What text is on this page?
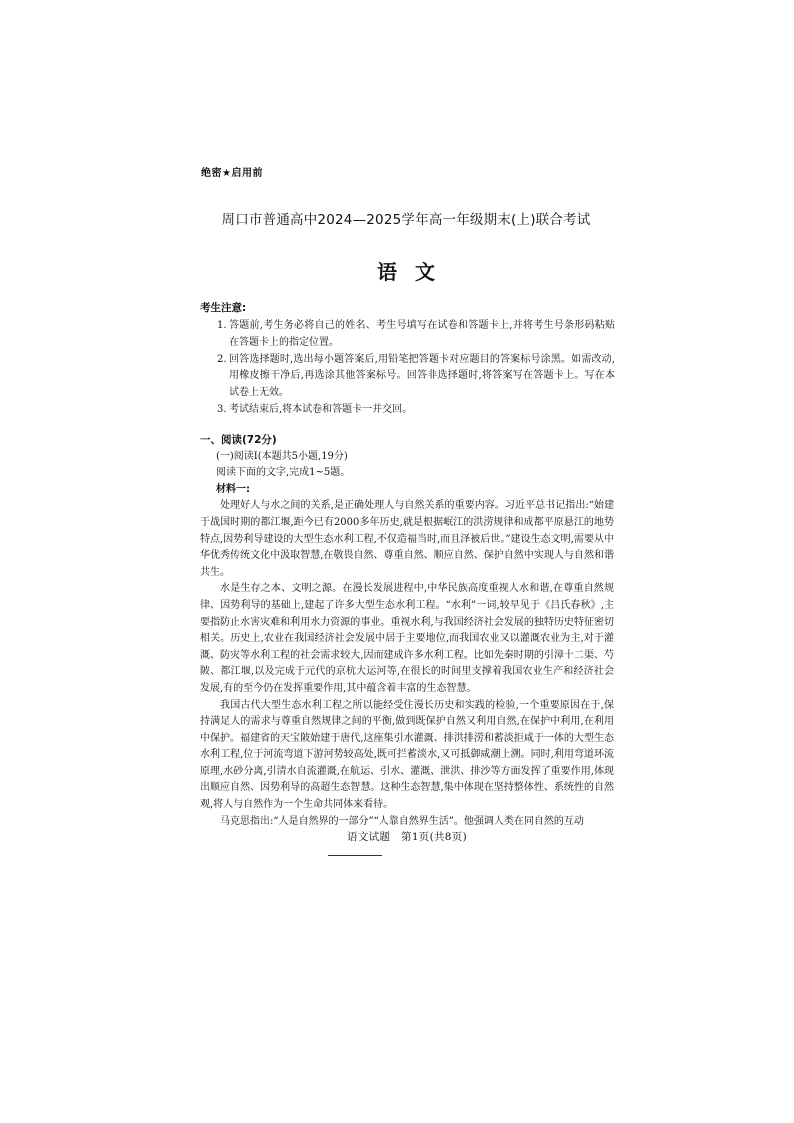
绝密★启用前
周口市普通高中2024—2025学年高一年级期末(上)联合考试
语文
考生注意:
1. 答题前,考生务必将自己的姓名、考生号填写在试卷和答题卡上,并将考生号条形码粘贴在答题卡上的指定位置。
2. 回答选择题时,选出每小题答案后,用铅笔把答题卡对应题目的答案标号涂黑。如需改动,用橡皮擦干净后,再选涂其他答案标号。回答非选择题时,将答案写在答题卡上。写在本试卷上无效。
3. 考试结束后,将本试卷和答题卡一并交回。
一、阅读(72分)
(一)阅读Ⅰ(本题共5小题,19分)
阅读下面的文字,完成1~5题。
材料一:

处理好人与水之间的关系,是正确处理人与自然关系的重要内容。习近平总书记指出:“始建于战国时期的都江堰,距今已有2000多年历史,就是根据岷江的洪涝规律和成都平原悬江的地势特点,因势利导建设的大型生态水利工程,不仅造福当时,而且泽被后世。”建设生态文明,需要从中华优秀传统文化中汲取智慧,在敬畏自然、尊重自然、顺应自然、保护自然中实现人与自然和谐共生。

水是生存之本、文明之源。在漫长发展进程中,中华民族高度重视人水和谐,在尊重自然规律、因势利导的基础上,建起了许多大型生态水利工程。“水利”一词,较早见于《吕氏春秋》,主要指防止水害灾难和利用水力资源的事业。重视水利,与我国经济社会发展的独特历史特征密切相关。历史上,农业在我国经济社会发展中居于主要地位,而我国农业又以灌溉农业为主,对于灌溉、防灾等水利工程的社会需求较大,因而建成许多水利工程。比如先秦时期的引漳十二渠、芍陂、都江堰,以及完成于元代的京杭大运河等,在很长的时间里支撑着我国农业生产和经济社会发展,有的至今仍在发挥重要作用,其中蕴含着丰富的生态智慧。

我国古代大型生态水利工程之所以能经受住漫长历史和实践的检验,一个重要原因在于,保持满足人的需求与尊重自然规律之间的平衡,做到既保护自然又利用自然,在保护中利用,在利用中保护。福建省的天宝陂始建于唐代,这座集引水灌溉、排洪排涝和蓄淡拒咸于一体的大型生态水利工程,位于河流弯道下游河势较高处,既可拦蓄淡水,又可抵御咸潮上溯。同时,利用弯道环流原理,水砂分离,引清水自流灌溉,在航运、引水、灌溉、泄洪、排沙等方面发挥了重要作用,体现出顺应自然、因势利导的高超生态智慧。这种生态智慧,集中体现在坚持整体性、系统性的自然观,将人与自然作为一个生命共同体来看待。

马克思指出:“人是自然界的一部分”“人靠自然界生活”。他强调人类在同自然的互动

语文试题　第1页(共8页)
